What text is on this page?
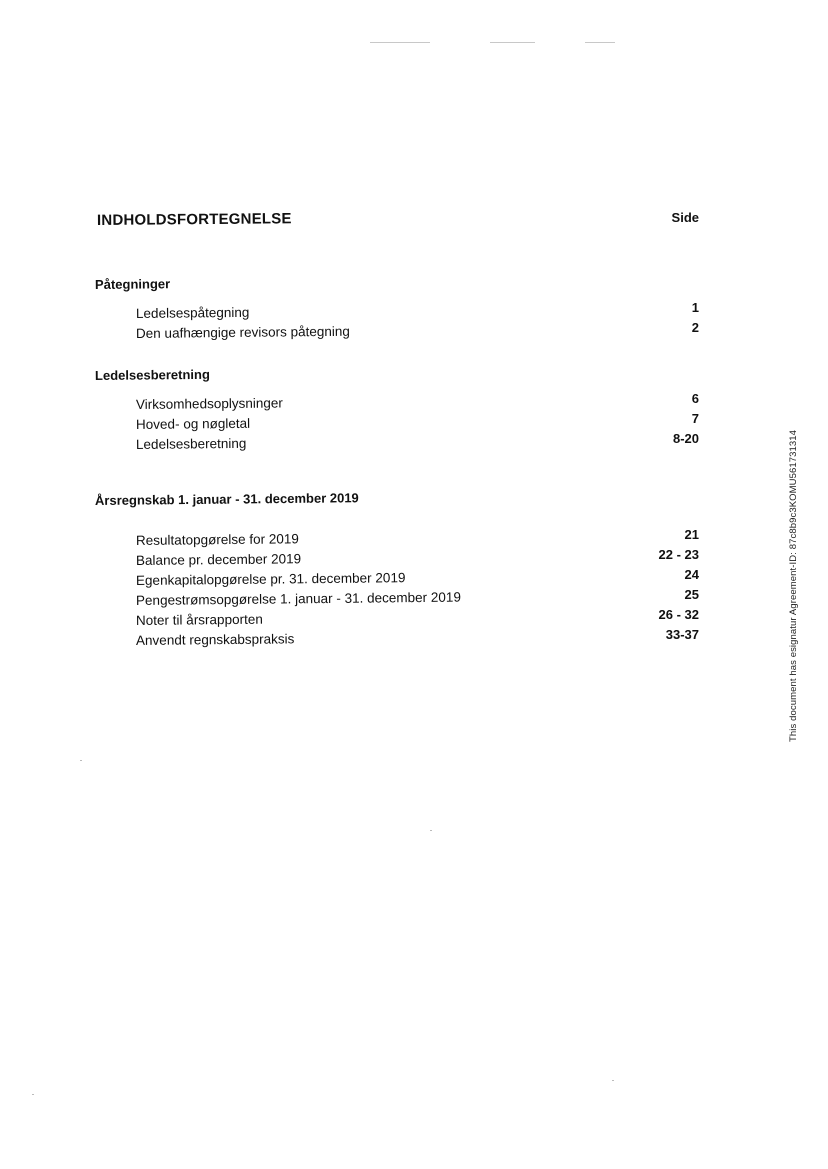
INDHOLDSFORTEGNELSE	Side
Påtegninger
Ledelsespåtegning	1
Den uafhængige revisors påtegning	2
Ledelsesberetning
Virksomhedsoplysninger	6
Hoved- og nøgletal	7
Ledelsesberetning	8-20
Årsregnskab 1. januar - 31. december 2019
Resultatopgørelse for 2019	21
Balance pr. december 2019	22 - 23
Egenkapitalopgørelse pr. 31. december 2019	24
Pengestrømsopgørelse 1. januar - 31. december 2019	25
Noter til årsrapporten	26 - 32
Anvendt regnskabspraksis	33-37	This document has esignatur Agreement-ID: 87c8b9c3KOMU561731314
